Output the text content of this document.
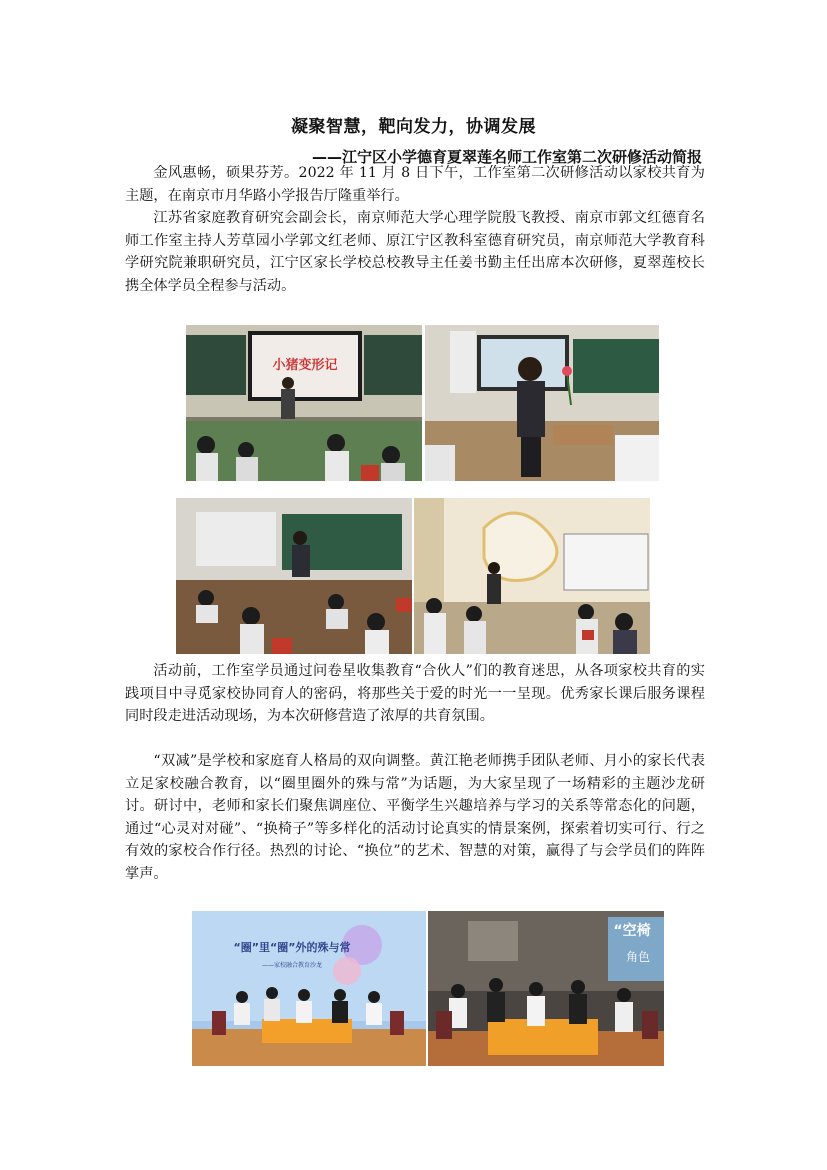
凝聚智慧，靶向发力，协调发展
——江宁区小学德育夏翠莲名师工作室第二次研修活动简报

金风惠畅，硕果芬芳。2022 年 11 月 8 日下午，工作室第二次研修活动以家校共育为主题，在南京市月华路小学报告厅隆重举行。

江苏省家庭教育研究会副会长，南京师范大学心理学院殷飞教授、南京市郭文红德育名师工作室主持人芳草园小学郭文红老师、原江宁区教科室德育研究员，南京师范大学教育科学研究院兼职研究员，江宁区家长学校总校教导主任姜书勤主任出席本次研修，夏翠莲校长携全体学员全程参与活动。

小猪变形记

活动前，工作室学员通过问卷星收集教育“合伙人”们的教育迷思，从各项家校共育的实践项目中寻觅家校协同育人的密码，将那些关于爱的时光一一呈现。优秀家长课后服务课程同时段走进活动现场，为本次研修营造了浓厚的共育氛围。

“双减”是学校和家庭育人格局的双向调整。黄江艳老师携手团队老师、月小的家长代表立足家校融合教育，以“圈里圈外的殊与常”为话题，为大家呈现了一场精彩的主题沙龙研讨。研讨中，老师和家长们聚焦调座位、平衡学生兴趣培养与学习的关系等常态化的问题，通过“心灵对对碰”、“换椅子”等多样化的活动讨论真实的情景案例，探索着切实可行、行之有效的家校合作行径。热烈的讨论、“换位”的艺术、智慧的对策，赢得了与会学员们的阵阵掌声。

“圈”里“圈”外的殊与常
——家校融合教育沙龙
“空椅
角色
